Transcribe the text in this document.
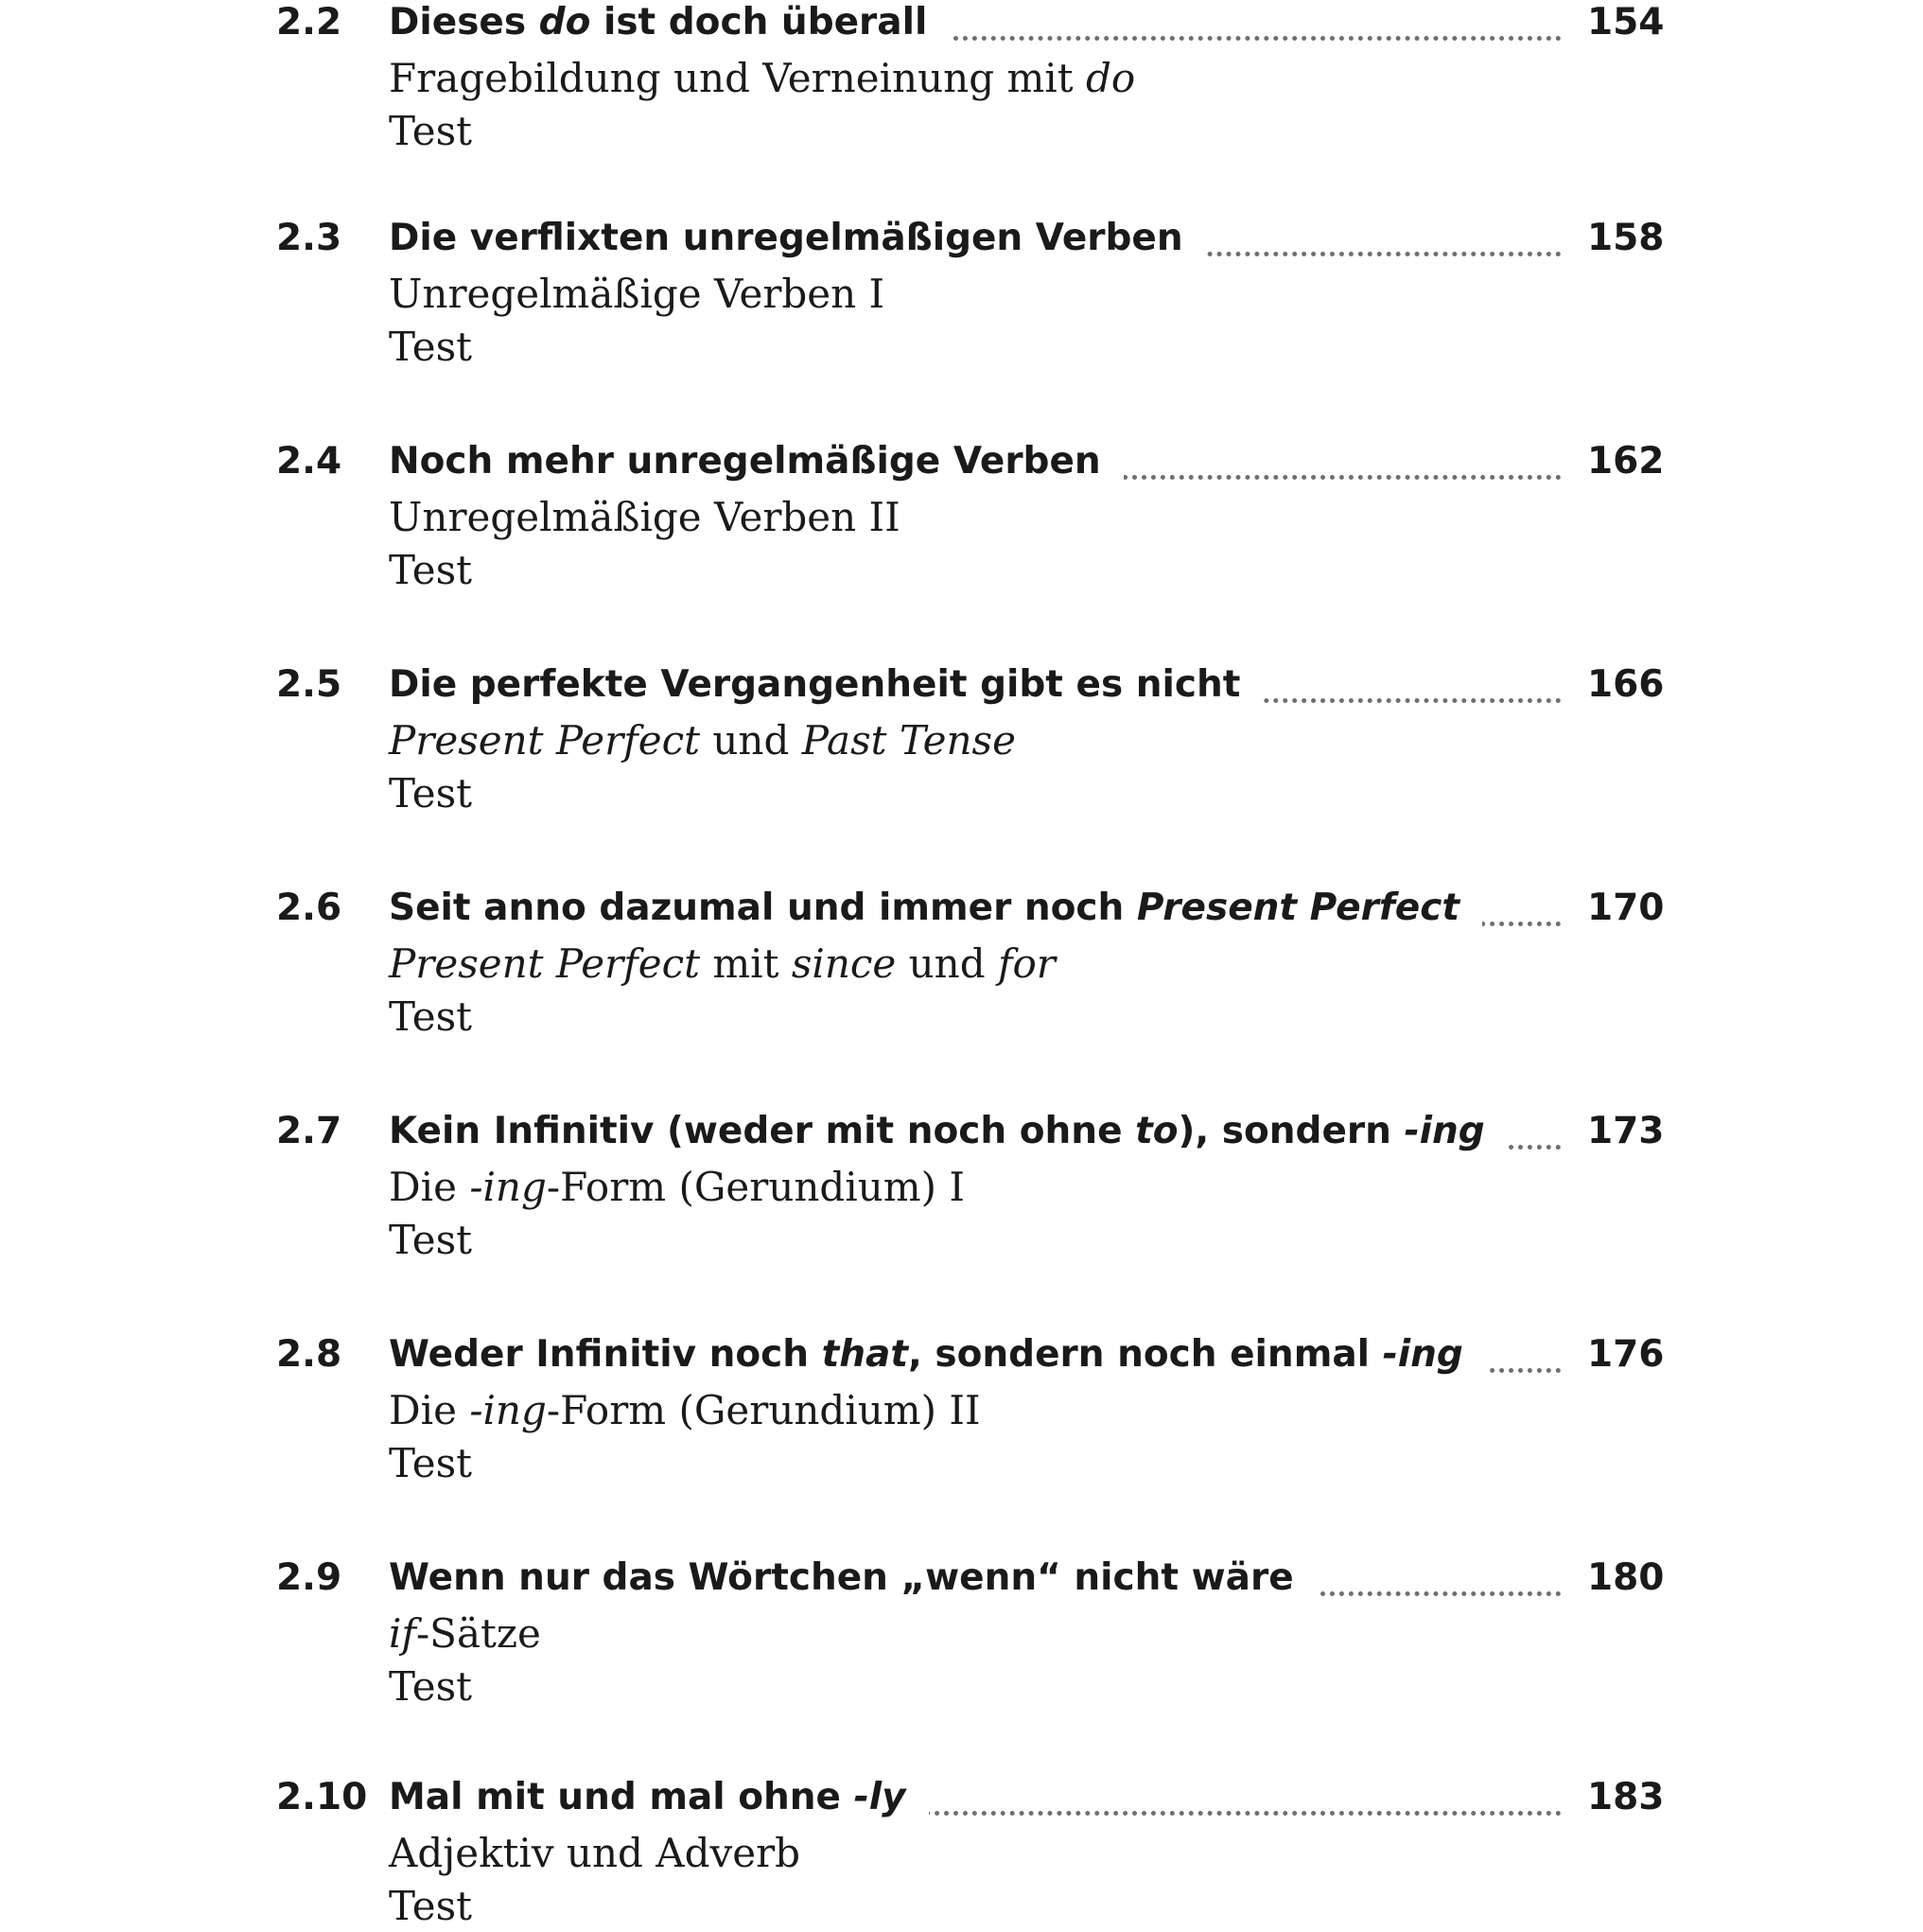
2.2 Dieses do ist doch überall	154
Fragebildung und Verneinung mit do
Test
2.3 Die verflixten unregelmäßigen Verben	158
Unregelmäßige Verben I
Test
2.4 Noch mehr unregelmäßige Verben	162
Unregelmäßige Verben II
Test
2.5 Die perfekte Vergangenheit gibt es nicht	166
Present Perfect und Past Tense
Test
2.6 Seit anno dazumal und immer noch Present Perfect	170
Present Perfect mit since und for
Test
2.7 Kein Infinitiv (weder mit noch ohne to), sondern -ing	173
Die -ing-Form (Gerundium) I
Test
2.8 Weder Infinitiv noch that, sondern noch einmal -ing	176
Die -ing-Form (Gerundium) II
Test
2.9 Wenn nur das Wörtchen „wenn“ nicht wäre	180
if-Sätze
Test
2.10 Mal mit und mal ohne -ly	183
Adjektiv und Adverb
Test
